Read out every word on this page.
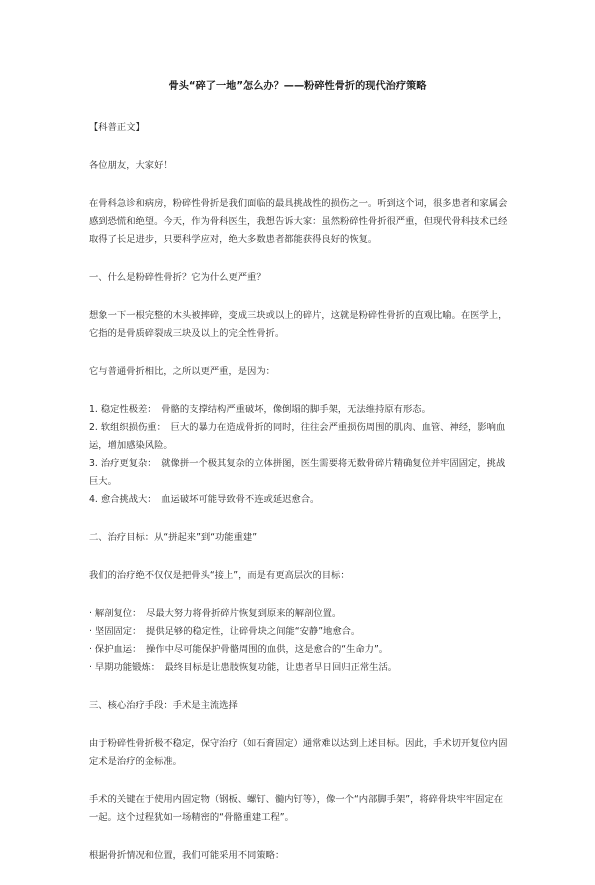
骨头“碎了一地”怎么办？——粉碎性骨折的现代治疗策略

【科普正文】

各位朋友，大家好！

在骨科急诊和病房，粉碎性骨折是我们面临的最具挑战性的损伤之一。听到这个词，很多患者和家属会感到恐慌和绝望。今天，作为骨科医生，我想告诉大家：虽然粉碎性骨折很严重，但现代骨科技术已经取得了长足进步，只要科学应对，绝大多数患者都能获得良好的恢复。

一、什么是粉碎性骨折？它为什么更严重？

想象一下一根完整的木头被摔碎，变成三块或以上的碎片，这就是粉碎性骨折的直观比喻。在医学上，它指的是骨质碎裂成三块及以上的完全性骨折。

它与普通骨折相比，之所以更严重，是因为：

1. 稳定性极差：　骨骼的支撑结构严重破坏，像倒塌的脚手架，无法维持原有形态。

2. 软组织损伤重：　巨大的暴力在造成骨折的同时，往往会严重损伤周围的肌肉、血管、神经，影响血运，增加感染风险。

3. 治疗更复杂：　就像拼一个极其复杂的立体拼图，医生需要将无数骨碎片精确复位并牢固固定，挑战巨大。

4. 愈合挑战大：　血运破坏可能导致骨不连或延迟愈合。

二、治疗目标：从“拼起来”到“功能重建”

我们的治疗绝不仅仅是把骨头“接上”，而是有更高层次的目标：

· 解剖复位：　尽最大努力将骨折碎片恢复到原来的解剖位置。

· 坚固固定：　提供足够的稳定性，让碎骨块之间能“安静”地愈合。

· 保护血运：　操作中尽可能保护骨骼周围的血供，这是愈合的“生命力”。

· 早期功能锻炼：　最终目标是让患肢恢复功能，让患者早日回归正常生活。

三、核心治疗手段：手术是主流选择

由于粉碎性骨折极不稳定，保守治疗（如石膏固定）通常难以达到上述目标。因此，手术切开复位内固定术是治疗的金标准。

手术的关键在于使用内固定物（钢板、螺钉、髓内钉等），像一个“内部脚手架”，将碎骨块牢牢固定在一起。这个过程犹如一场精密的“骨骼重建工程”。

根据骨折情况和位置，我们可能采用不同策略：
